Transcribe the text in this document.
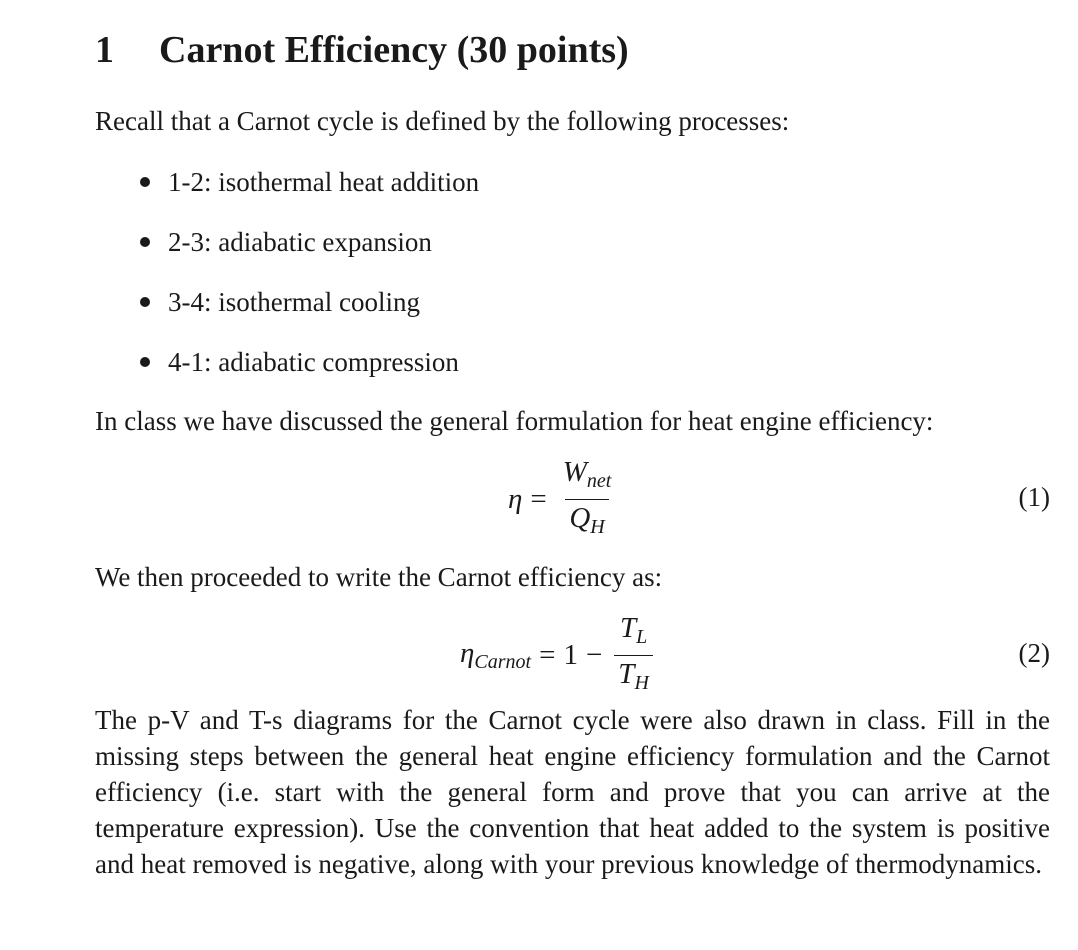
1 Carnot Efficiency (30 points)
Recall that a Carnot cycle is defined by the following processes:
1-2: isothermal heat addition
2-3: adiabatic expansion
3-4: isothermal cooling
4-1: adiabatic compression
In class we have discussed the general formulation for heat engine efficiency:
$\eta = \frac{W_{net}}{Q_H}$	(1)
We then proceeded to write the Carnot efficiency as:
$\eta_{Carnot} = 1 - \frac{T_L}{T_H}$	(2)
The p-V and T-s diagrams for the Carnot cycle were also drawn in class. Fill in the missing steps between the general heat engine efficiency formulation and the Carnot efficiency (i.e. start with the general form and prove that you can arrive at the temperature expression). Use the convention that heat added to the system is positive and heat removed is negative, along with your previous knowledge of thermodynamics.
